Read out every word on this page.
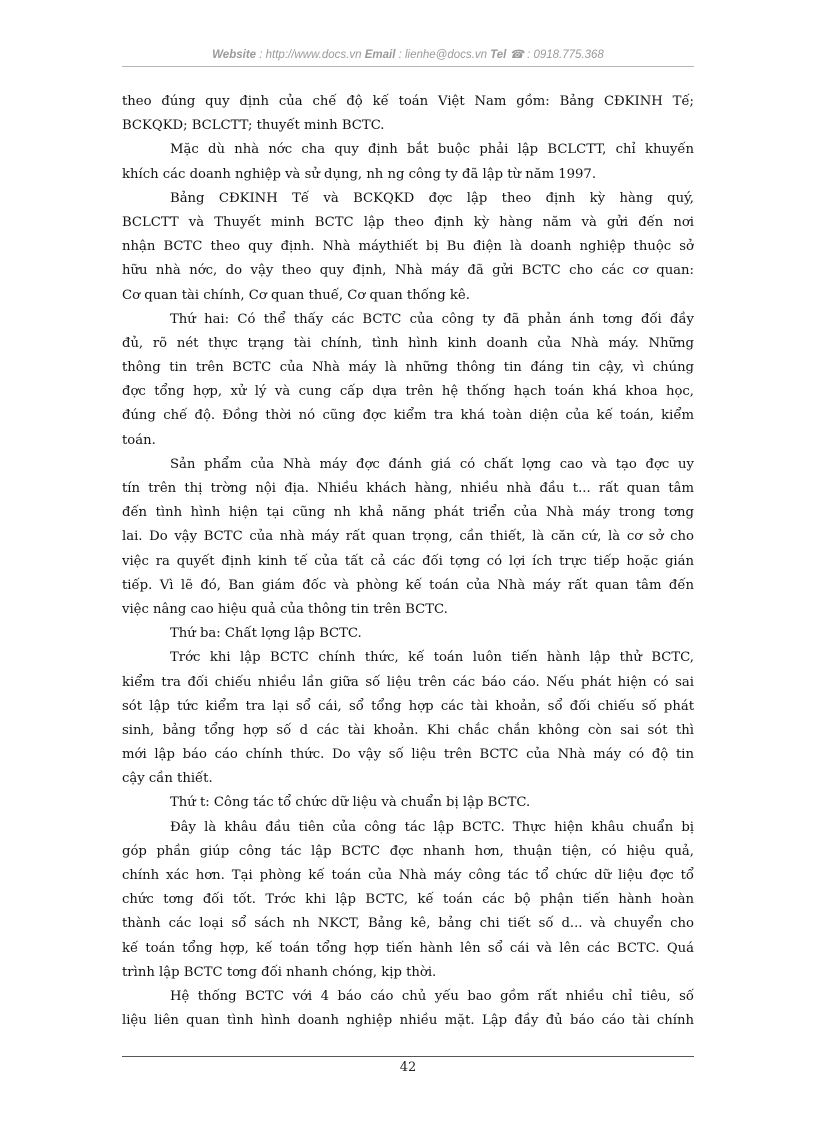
Website : http://www.docs.vn Email : lienhe@docs.vn Tel ☎ : 0918.775.368
theo đúng quy định của chế độ kế toán Việt Nam gồm: Bảng CĐKINH Tế;
BCKQKD; BCLCTT; thuyết minh BCTC.
Mặc dù nhà nớc cha quy định bắt buộc phải lập BCLCTT, chỉ khuyến
khích các doanh nghiệp và sử dụng, nh ng công ty đã lập từ năm 1997.
Bảng CĐKINH Tế và BCKQKD đợc lập theo định kỳ hàng quý,
BCLCTT và Thuyết minh BCTC lập theo định kỳ hàng năm và gửi đến nơi
nhận BCTC theo quy định. Nhà máythiết bị Bu điện là doanh nghiệp thuộc sở
hữu nhà nớc, do vậy theo quy định, Nhà máy đã gửi BCTC cho các cơ quan:
Cơ quan tài chính, Cơ quan thuế, Cơ quan thống kê.
Thứ hai: Có thể thấy các BCTC của công ty đã phản ánh tơng đối đầy
đủ, rõ nét thực trạng tài chính, tình hình kinh doanh của Nhà máy. Những
thông tin trên BCTC của Nhà máy là những thông tin đáng tin cậy, vì chúng
đợc tổng hợp, xử lý và cung cấp dựa trên hệ thống hạch toán khá khoa học,
đúng chế độ. Đồng thời nó cũng đợc kiểm tra khá toàn diện của kế toán, kiểm
toán.
Sản phẩm của Nhà máy đợc đánh giá có chất lợng cao và tạo đợc uy
tín trên thị trờng nội địa. Nhiều khách hàng, nhiều nhà đầu t... rất quan tâm
đến tình hình hiện tại cũng nh khả năng phát triển của Nhà máy trong tơng
lai. Do vậy BCTC của nhà máy rất quan trọng, cần thiết, là căn cứ, là cơ sở cho
việc ra quyết định kinh tế của tất cả các đối tợng có lợi ích trực tiếp hoặc gián
tiếp. Vì lẽ đó, Ban giám đốc và phòng kế toán của Nhà máy rất quan tâm đến
việc nâng cao hiệu quả của thông tin trên BCTC.
Thứ ba: Chất lợng lập BCTC.
Trớc khi lập BCTC chính thức, kế toán luôn tiến hành lập thử BCTC,
kiểm tra đối chiếu nhiều lần giữa số liệu trên các báo cáo. Nếu phát hiện có sai
sót lập tức kiểm tra lại sổ cái, sổ tổng hợp các tài khoản, sổ đối chiếu số phát
sinh, bảng tổng hợp số d các tài khoản. Khi chắc chắn không còn sai sót thì
mới lập báo cáo chính thức. Do vậy số liệu trên BCTC của Nhà máy có độ tin
cậy cần thiết.
Thứ t: Công tác tổ chức dữ liệu và chuẩn bị lập BCTC.
Đây là khâu đầu tiên của công tác lập BCTC. Thực hiện khâu chuẩn bị
góp phần giúp công tác lập BCTC đợc nhanh hơn, thuận tiện, có hiệu quả,
chính xác hơn. Tại phòng kế toán của Nhà máy công tác tổ chức dữ liệu đợc tổ
chức tơng đối tốt. Trớc khi lập BCTC, kế toán các bộ phận tiến hành hoàn
thành các loại sổ sách nh NKCT, Bảng kê, bảng chi tiết số d... và chuyển cho
kế toán tổng hợp, kế toán tổng hợp tiến hành lên sổ cái và lên các BCTC. Quá
trình lập BCTC tơng đối nhanh chóng, kịp thời.
Hệ thống BCTC với 4 báo cáo chủ yếu bao gồm rất nhiều chỉ tiêu, số
liệu liên quan tình hình doanh nghiệp nhiều mặt. Lập đầy đủ báo cáo tài chính
42
